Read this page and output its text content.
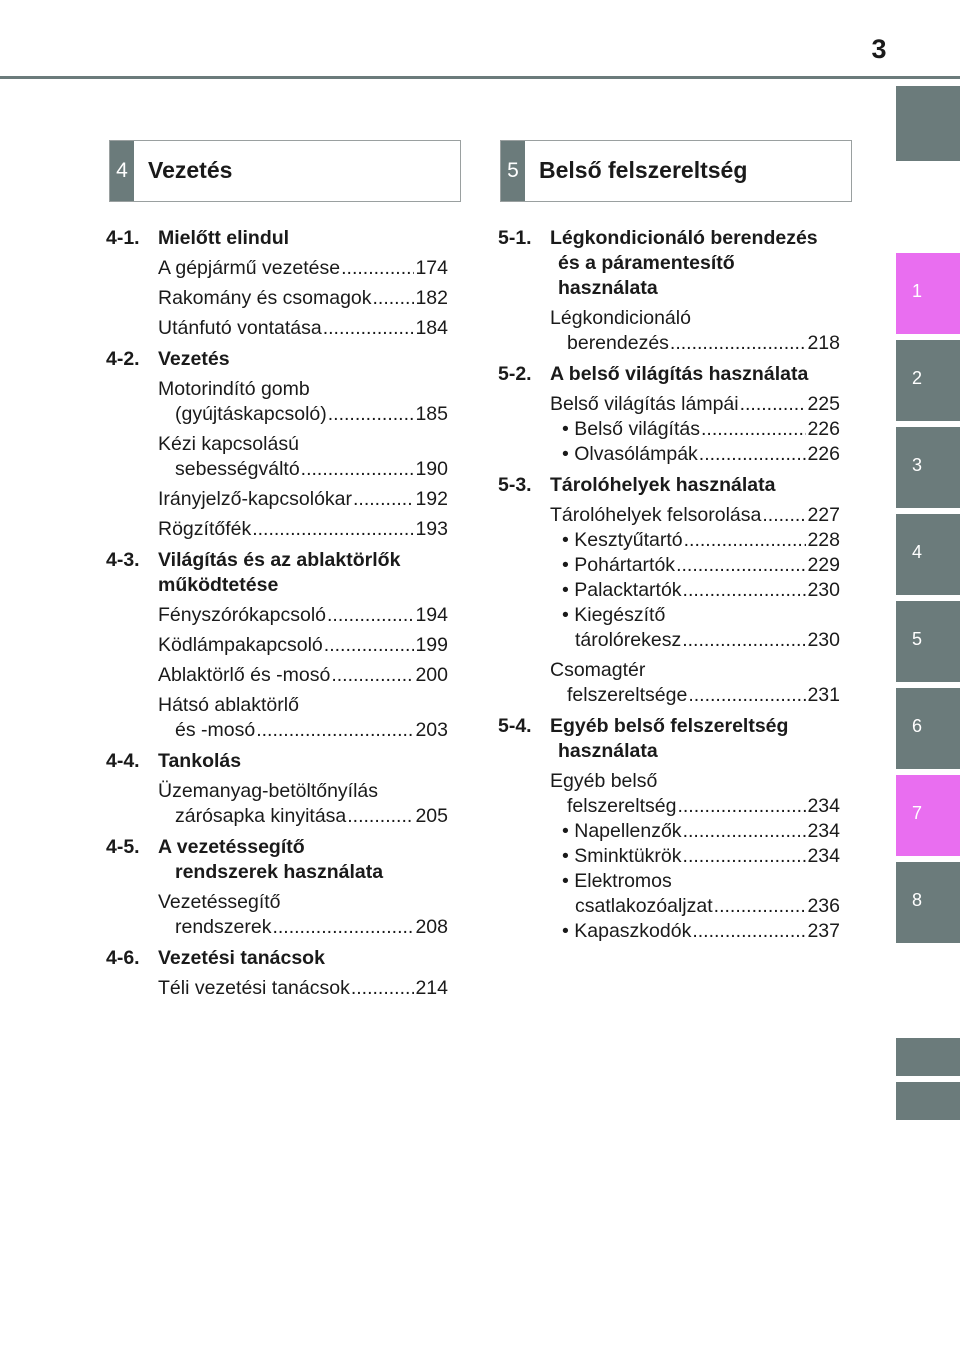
3
1
2
3
4
5
6
7
8
4 Vezetés	5 Belső felszereltség
4-1. Mielőtt elindul
A gépjármű vezetése .....	174
Rakomány és csomagok ..... 182
Utánfutó vontatása .....	184
4-2. Vezetés
Motorindító gomb
(gyújtáskapcsoló) .....	185
Kézi kapcsolású
sebességváltó .....	190
Irányjelző-kapcsolókar .....	192
Rögzítőfék .....	193
4-3. Világítás és az ablaktörlők
működtetése
Fényszórókapcsoló .....	194
Ködlámpakapcsoló .....	199
Ablaktörlő és -mosó .....	200
Hátsó ablaktörlő
és -mosó .....	203
4-4. Tankolás
Üzemanyag-betöltőnyílás
zárósapka kinyitása .....	205
4-5. A vezetéssegítő
rendszerek használata
Vezetéssegítő
rendszerek .....	208
4-6. Vezetési tanácsok
Téli vezetési tanácsok .....	214
5-1. Légkondicionáló berendezés
és a páramentesítő
használata
Légkondicionáló
berendezés .....	218
5-2. A belső világítás használata
Belső világítás lámpái .....	225
• Belső világítás .....	226
• Olvasólámpák .....	226
5-3. Tárolóhelyek használata
Tárolóhelyek felsorolása ..... 227
• Kesztyűtartó .....	228
• Pohártartók .....	229
• Palacktartók .....	230
• Kiegészítő
tárolórekesz .....	230
Csomagtér
felszereltsége .....	231
5-4. Egyéb belső felszereltség
használata
Egyéb belső
felszereltség .....	234
• Napellenzők .....	234
• Sminktükrök .....	234
• Elektromos
csatlakozóaljzat .....	236
• Kapaszkodók .....	237
